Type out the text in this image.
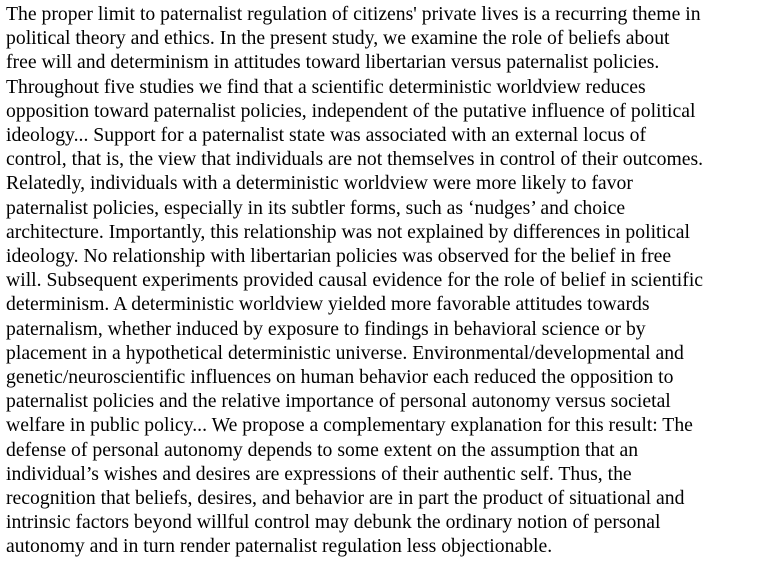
The proper limit to paternalist regulation of citizens' private lives is a recurring theme in
political theory and ethics. In the present study, we examine the role of beliefs about
free will and determinism in attitudes toward libertarian versus paternalist policies.
Throughout five studies we find that a scientific deterministic worldview reduces
opposition toward paternalist policies, independent of the putative influence of political
ideology... Support for a paternalist state was associated with an external locus of
control, that is, the view that individuals are not themselves in control of their outcomes.
Relatedly, individuals with a deterministic worldview were more likely to favor
paternalist policies, especially in its subtler forms, such as ‘nudges’ and choice
architecture. Importantly, this relationship was not explained by differences in political
ideology. No relationship with libertarian policies was observed for the belief in free
will. Subsequent experiments provided causal evidence for the role of belief in scientific
determinism. A deterministic worldview yielded more favorable attitudes towards
paternalism, whether induced by exposure to findings in behavioral science or by
placement in a hypothetical deterministic universe. Environmental/developmental and
genetic/neuroscientific influences on human behavior each reduced the opposition to
paternalist policies and the relative importance of personal autonomy versus societal
welfare in public policy... We propose a complementary explanation for this result: The
defense of personal autonomy depends to some extent on the assumption that an
individual’s wishes and desires are expressions of their authentic self. Thus, the
recognition that beliefs, desires, and behavior are in part the product of situational and
intrinsic factors beyond willful control may debunk the ordinary notion of personal
autonomy and in turn render paternalist regulation less objectionable.
